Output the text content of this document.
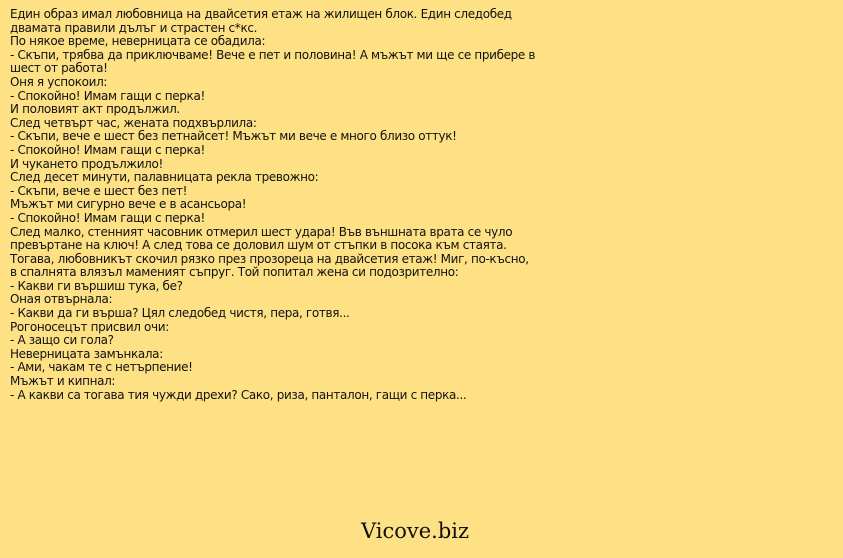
Един образ имал любовница на двайсетия етаж на жилищен блок. Един следобед
двамата правили дълъг и страстен с*кс.
По някое време, неверницата се обадила:
- Скъпи, трябва да приключваме! Вече е пет и половина! А мъжът ми ще се прибере в
шест от работа!
Оня я успокоил:
- Спокойно! Имам гащи с перка!
И половият акт продължил.
След четвърт час, жената подхвърлила:
- Скъпи, вече е шест без петнайсет! Мъжът ми вече е много близо оттук!
- Спокойно! Имам гащи с перка!
И чукането продължило!
След десет минути, палавницата рекла тревожно:
- Скъпи, вече е шест без пет!
Мъжът ми сигурно вече е в асансьора!
- Спокойно! Имам гащи с перка!
След малко, стенният часовник отмерил шест удара! Във външната врата се чуло
превъртане на ключ! А след това се доловил шум от стъпки в посока към стаята.
Тогава, любовникът скочил рязко през прозореца на двайсетия етаж! Миг, по-късно,
в спалнята влязъл мамeният съпруг. Той попитал жена си подозрително:
- Какви ги вършиш тука, бе?
Оная отвърнала:
- Какви да ги върша? Цял следобед чистя, пера, готвя...
Рогоносецът присвил очи:
- А защо си гола?
Неверницата замънкала:
- Ами, чакам те с нетърпение!
Мъжът и кипнал:
- А какви са тогава тия чужди дрехи? Сако, риза, панталон, гащи с перка...
Vicove.biz
